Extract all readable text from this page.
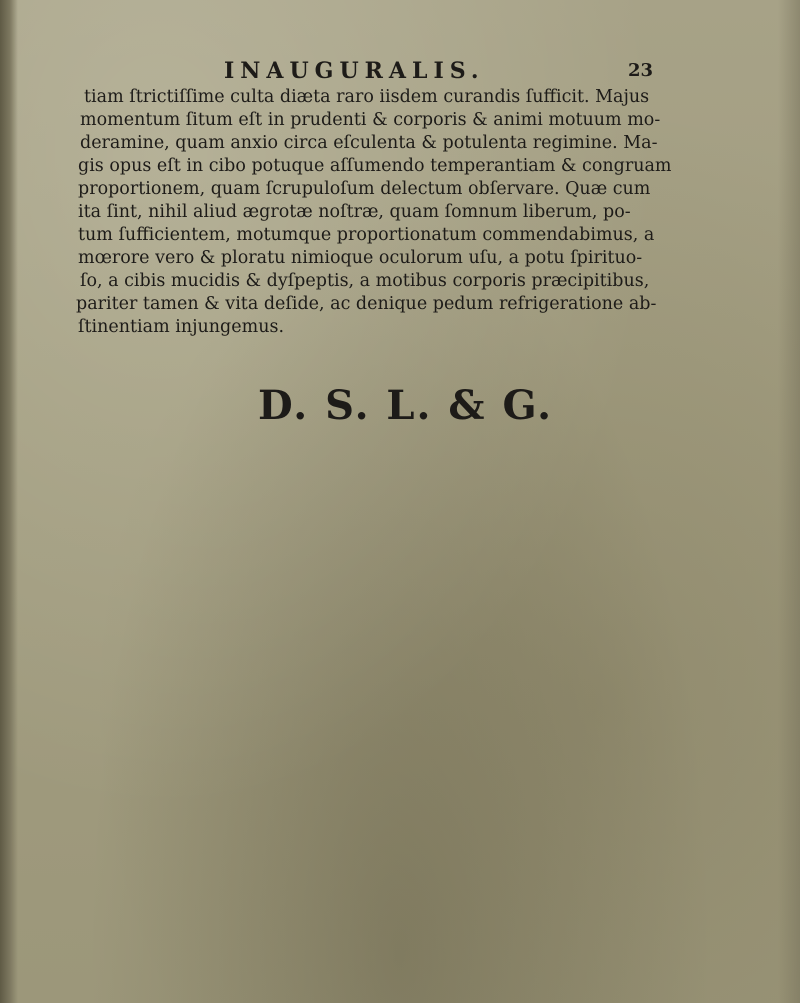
INAUGURALIS.	23
tiam ſtrictiſſime culta diæta raro iisdem curandis ſufficit. Majus
momentum ſitum eſt in prudenti & corporis & animi motuum mo-
deramine, quam anxio circa eſculenta & potulenta regimine. Ma-
gis opus eſt in cibo potuque aſſumendo temperantiam & congruam
proportionem, quam ſcrupuloſum delectum obſervare. Quæ cum
ita ſint, nihil aliud ægrotæ noſtræ, quam ſomnum liberum, po-
tum ſufficientem, motumque proportionatum commendabimus, a
mœrore vero & ploratu nimioque oculorum uſu, a potu ſpirituo-
ſo, a cibis mucidis & dyſpeptis, a motibus corporis præcipitibus,
pariter tamen & vita deſide, ac denique pedum refrigeratione ab-
ſtinentiam injungemus.
D. S. L. & G.
